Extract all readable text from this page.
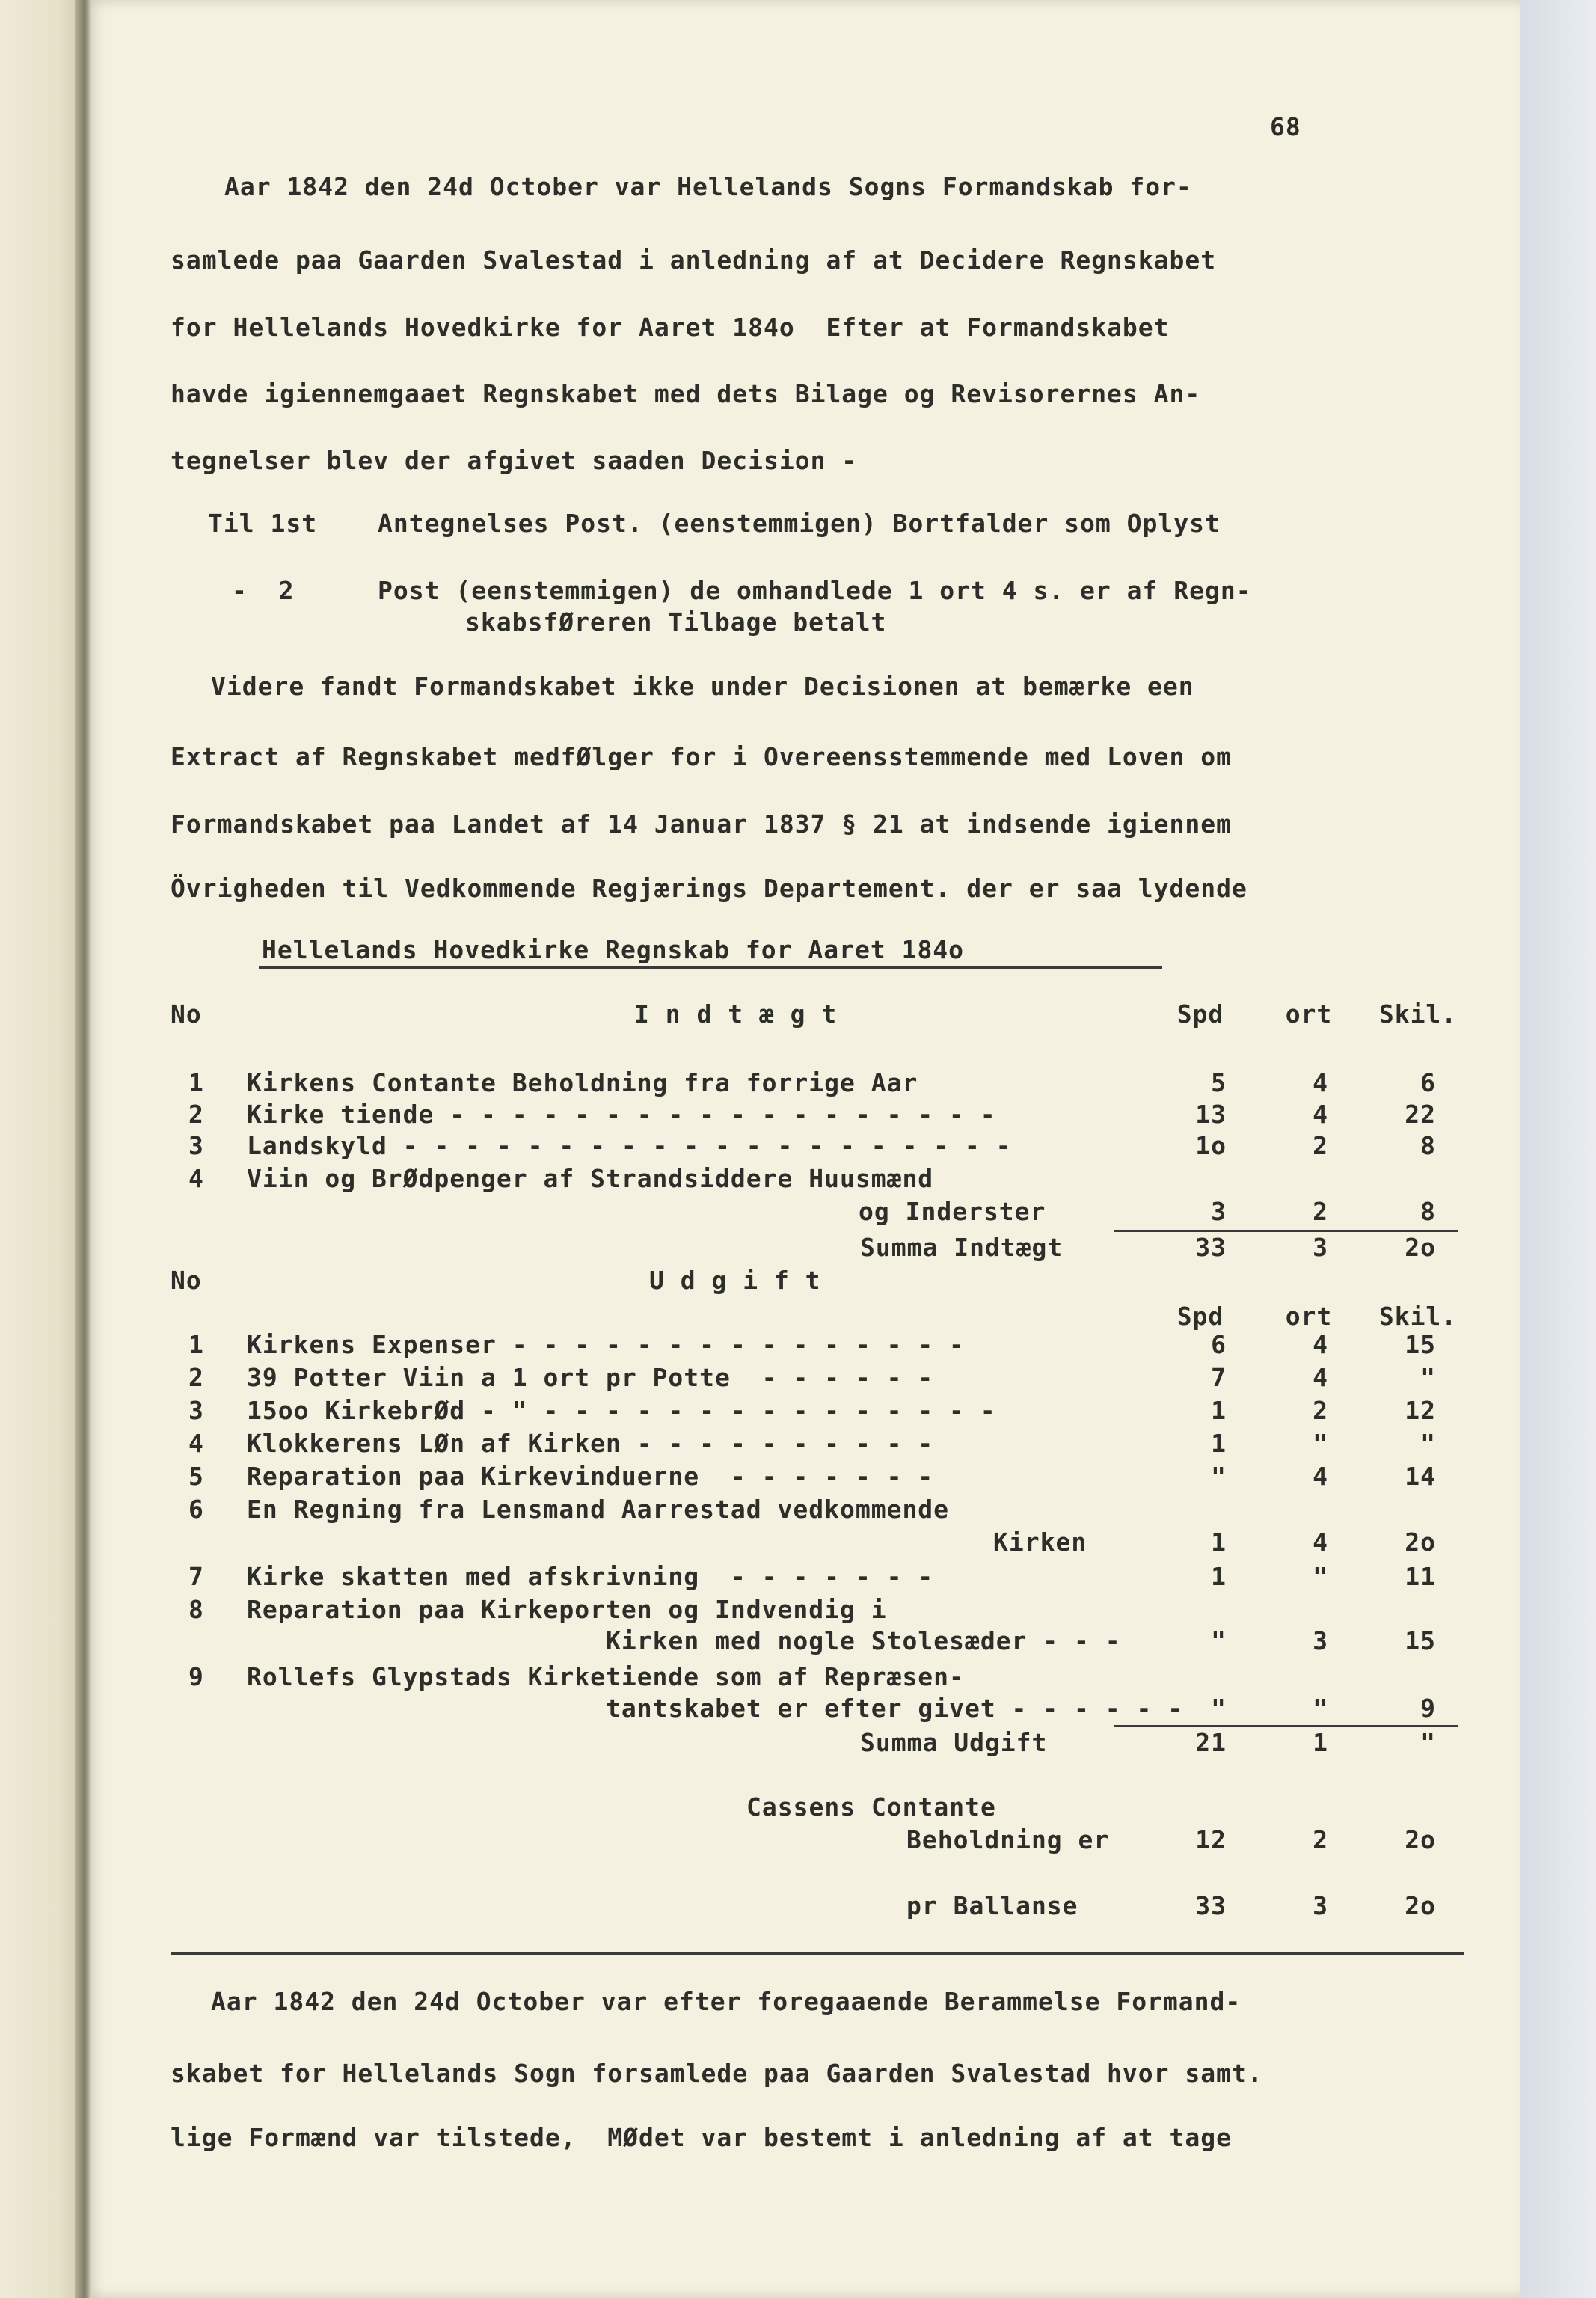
68
Aar 1842 den 24d October var Hellelands Sogns Formandskab for-
samlede paa Gaarden Svalestad i anledning af at Decidere Regnskabet
for Hellelands Hovedkirke for Aaret 184o  Efter at Formandskabet
havde igiennemgaaet Regnskabet med dets Bilage og Revisorernes An-
tegnelser blev der afgivet saaden Decision -
Til 1st Antegnelses Post. (eenstemmigen) Bortfalder som Oplyst
-  2	Post (eenstemmigen) de omhandlede 1 ort 4 s. er af Regn-
skabsfØreren Tilbage betalt
Videre fandt Formandskabet ikke under Decisionen at bemærke een
Extract af Regnskabet medfØlger for i Overeensstemmende med Loven om
Formandskabet paa Landet af 14 Januar 1837 § 21 at indsende igiennem
Övrigheden til Vedkommende Regjærings Departement. der er saa lydende
Hellelands Hovedkirke Regnskab for Aaret 184o
No	I n d t æ g t	Spd	ort	Skil.
1 Kirkens Contante Beholdning fra forrige Aar	5	4	6
2 Kirke tiende - - - - - - - - - - - - - - - - - -	13	4	22
3 Landskyld - - - - - - - - - - - - - - - - - - - -	1o	2	8
4 Viin og BrØdpenger af Strandsiddere Huusmænd
og Inderster	3	2	8
Summa Indtægt	33	3	2o
No	U d g i f t
Spd	ort	Skil.
1 Kirkens Expenser - - - - - - - - - - - - - - -	6	4	15
2 39 Potter Viin a 1 ort pr Potte  - - - - - -	7	4	"
3 15oo KirkebrØd - " - - - - - - - - - - - - - - -	1	2	12
4 Klokkerens LØn af Kirken - - - - - - - - - -	1	"	"
5 Reparation paa Kirkevinduerne  - - - - - - -	"	4	14
6 En Regning fra Lensmand Aarrestad vedkommende
Kirken	1	4	2o
7 Kirke skatten med afskrivning  - - - - - - -	1	"	11
8 Reparation paa Kirkeporten og Indvendig i
Kirken med nogle Stolesæder - - -	"	3	15
9 Rollefs Glypstads Kirketiende som af Repræsen-
tantskabet er efter givet - - - - - -	"	"	9
Summa Udgift	21	1	"
Cassens Contante
Beholdning er	12	2	2o
pr Ballanse	33	3	2o
Aar 1842 den 24d October var efter foregaaende Berammelse Formand-
skabet for Hellelands Sogn forsamlede paa Gaarden Svalestad hvor samt.
lige Formænd var tilstede,  MØdet var bestemt i anledning af at tage
